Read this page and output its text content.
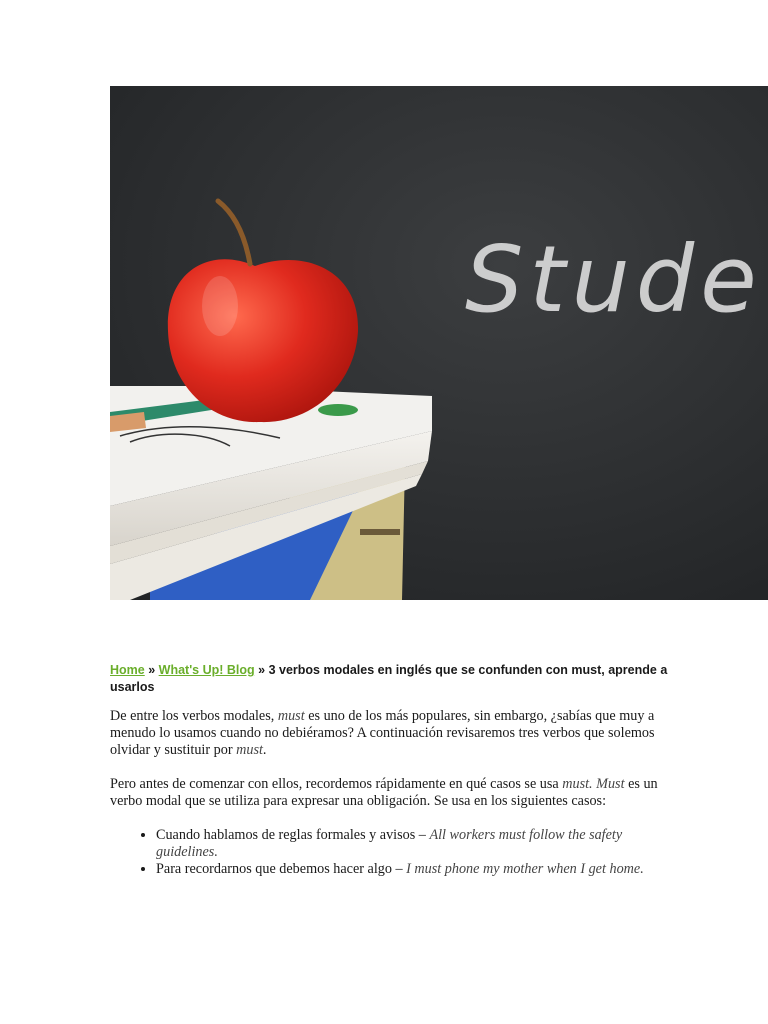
Stude
Home » What's Up! Blog » 3 verbos modales en inglés que se confunden con must, aprende a usarlos

De entre los verbos modales, must es uno de los más populares, sin embargo, ¿sabías que muy a menudo lo usamos cuando no debiéramos? A continuación revisaremos tres verbos que solemos olvidar y sustituir por must.

Pero antes de comenzar con ellos, recordemos rápidamente en qué casos se usa must. Must es un verbo modal que se utiliza para expresar una obligación. Se usa en los siguientes casos:

• Cuando hablamos de reglas formales y avisos – All workers must follow the safety guidelines.
• Para recordarnos que debemos hacer algo – I must phone my mother when I get home.
